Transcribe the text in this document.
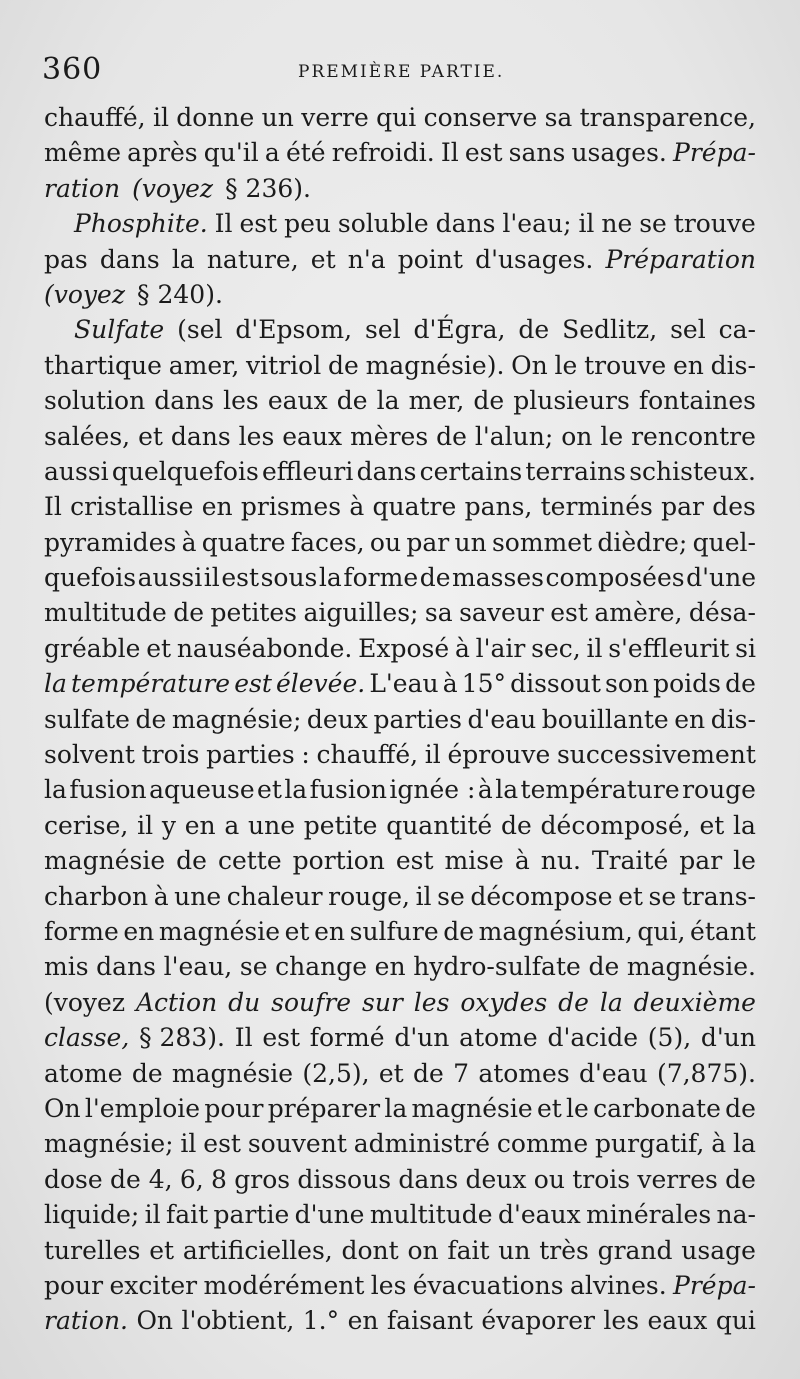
360	PREMIÈRE PARTIE.
chauffé, il donne un verre qui conserve sa transparence,
même après qu'il a été refroidi. Il est sans usages. Prépa-
ration (voyez § 236).
Phosphite. Il est peu soluble dans l'eau; il ne se trouve
pas dans la nature, et n'a point d'usages. Préparation
(voyez § 240).
Sulfate (sel d'Epsom, sel d'Égra, de Sedlitz, sel ca-
thartique amer, vitriol de magnésie). On le trouve en dis-
solution dans les eaux de la mer, de plusieurs fontaines
salées, et dans les eaux mères de l'alun; on le rencontre
aussi quelquefois effleuri dans certains terrains schisteux.
Il cristallise en prismes à quatre pans, terminés par des
pyramides à quatre faces, ou par un sommet dièdre; quel-
quefois aussi il est sous la forme de masses composées d'une
multitude de petites aiguilles; sa saveur est amère, désa-
gréable et nauséabonde. Exposé à l'air sec, il s'effleurit si
la température est élevée. L'eau à 15° dissout son poids de
sulfate de magnésie; deux parties d'eau bouillante en dis-
solvent trois parties : chauffé, il éprouve successivement
la fusion aqueuse et la fusion ignée : à la température rouge
cerise, il y en a une petite quantité de décomposé, et la
magnésie de cette portion est mise à nu. Traité par le
charbon à une chaleur rouge, il se décompose et se trans-
forme en magnésie et en sulfure de magnésium, qui, étant
mis dans l'eau, se change en hydro-sulfate de magnésie.
(voyez Action du soufre sur les oxydes de la deuxième
classe, § 283). Il est formé d'un atome d'acide (5), d'un
atome de magnésie (2,5), et de 7 atomes d'eau (7,875).
On l'emploie pour préparer la magnésie et le carbonate de
magnésie; il est souvent administré comme purgatif, à la
dose de 4, 6, 8 gros dissous dans deux ou trois verres de
liquide; il fait partie d'une multitude d'eaux minérales na-
turelles et artificielles, dont on fait un très grand usage
pour exciter modérément les évacuations alvines. Prépa-
ration. On l'obtient, 1.° en faisant évaporer les eaux qui
